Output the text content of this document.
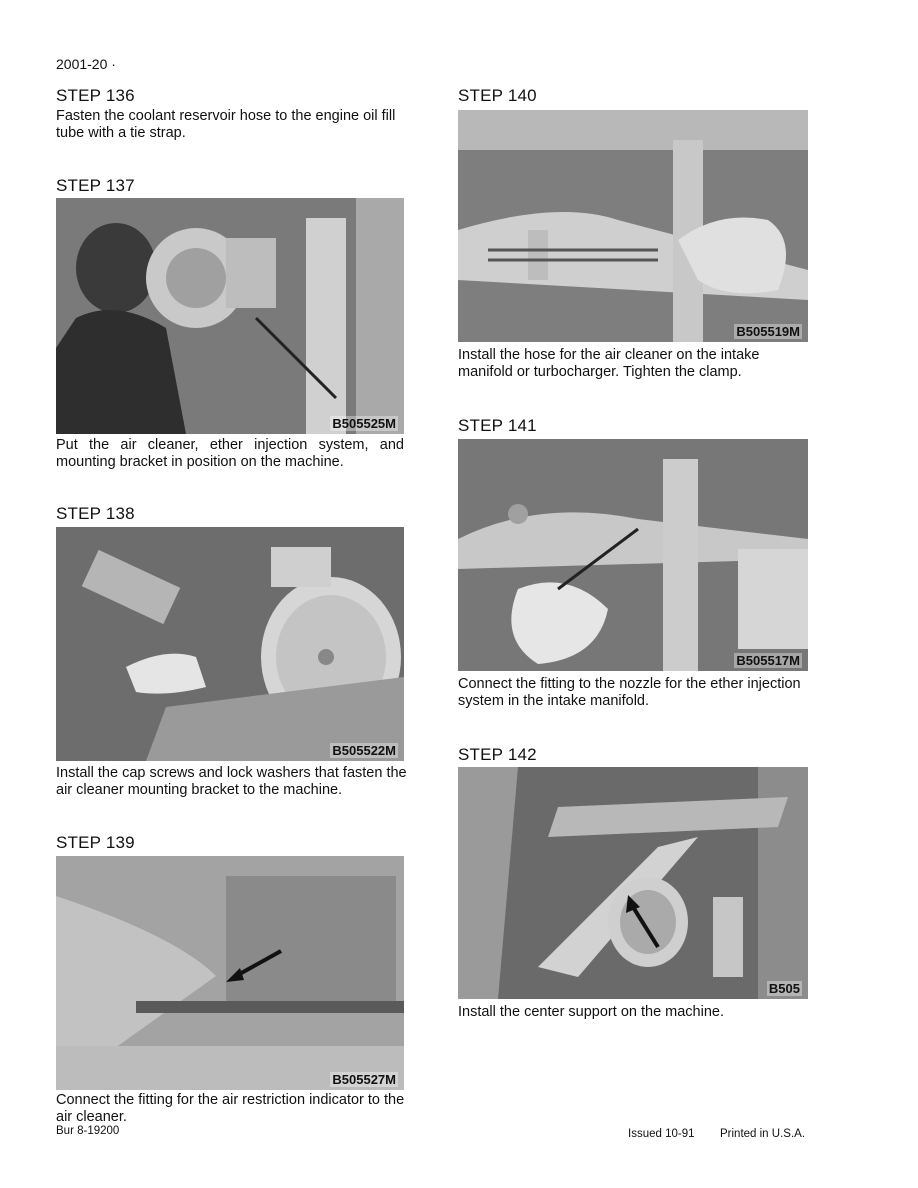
2001-20 ·
STEP 136
Fasten the coolant reservoir hose to the engine oil fill tube with a tie strap.
STEP 137
B505525M
Put the air cleaner, ether injection system, and mounting bracket in position on the machine.
STEP 138
B505522M
Install the cap screws and lock washers that fasten the air cleaner mounting bracket to the machine.
STEP 139
B505527M
Connect the fitting for the air restriction indicator to the air cleaner.
STEP 140
B505519M
Install the hose for the air cleaner on the intake manifold or turbocharger. Tighten the clamp.
STEP 141
B505517M
Connect the fitting to the nozzle for the ether injection system in the intake manifold.
STEP 142
B505
Install the center support on the machine.
Bur 8-19200	Issued 10-91 Printed in U.S.A.
